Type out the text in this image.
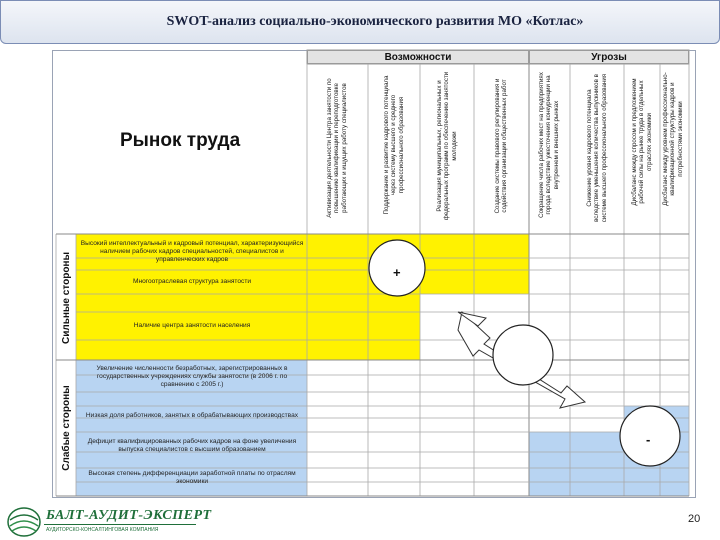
SWOT-анализ социально-экономического развития МО «Котлас»
+
-
Рынок труда
Возможности	Угрозы
Активизация деятельности Центра занятости по повышению квалификации и переподготовке работающих и ищущих работу специалистов	Поддержание и развитие кадрового потенциала через систему высшего и среднего профессионального образования	Реализация муниципальных, региональных и федеральных программ по обеспечению занятости молодежи	Создание системы правового регулирования и содействия организации общественных работ	Сокращение числа рабочих мест на предприятиях города вследствие ужесточения конкуренции на внутреннем и внешних рынках	Снижение уровня кадрового потенциала вследствие уменьшения количества выпускников в системе высшего профессионального образования	Дисбаланс между спросом и предложением рабочей силы на рынке труда в отдельных отраслях экономики	Дисбаланс между уровнем профессионально-квалификационной структуры кадров и потребностями экономики
Сильные стороны
Слабые стороны
Высокий интеллектуальный и кадровый потенциал, характеризующийся наличием рабочих кадров специальностей, специалистов и управленческих кадров
Многоотраслевая структура занятости
Наличие центра занятости населения
Увеличение численности безработных, зарегистрированных в государственных учреждениях службы занятости (в 2006 г. по сравнению с 2005 г.)
Низкая доля работников, занятых в обрабатывающих производствах
Дефицит квалифицированных рабочих кадров на фоне увеличения выпуска специалистов с высшим образованием
Высокая степень дифференциации заработной платы по отраслям экономики
БАЛТ-АУДИТ-ЭКСПЕРТ
АУДИТОРСКО-КОНСАЛТИНГОВАЯ КОМПАНИЯ
20
